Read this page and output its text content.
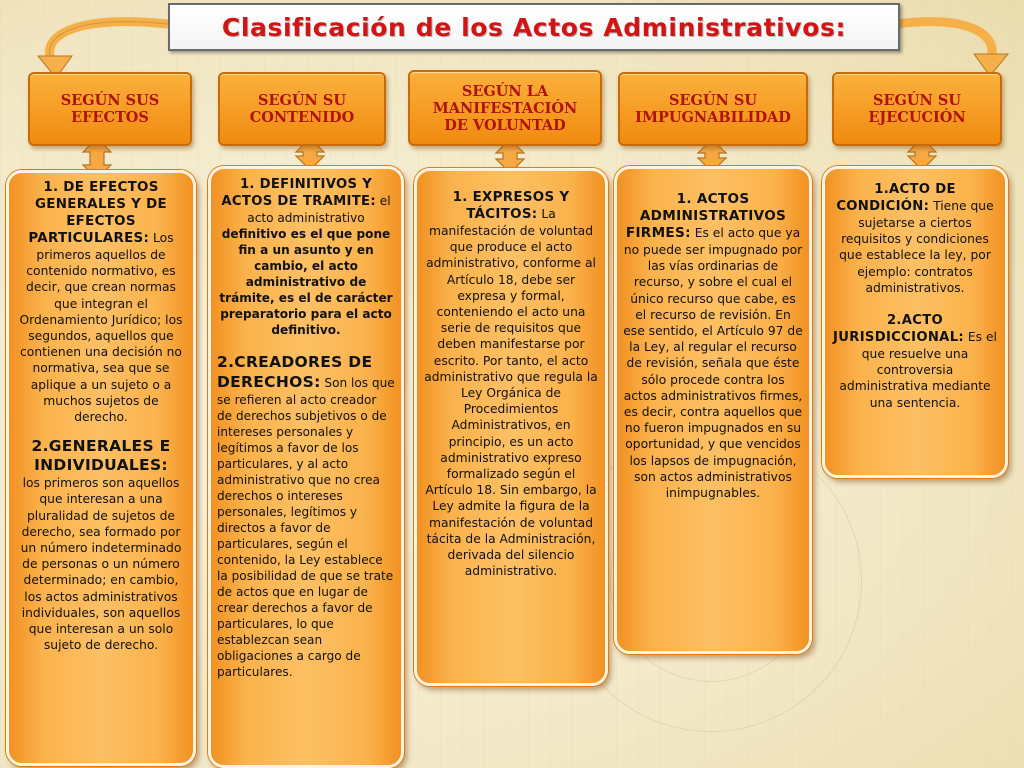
Clasificación de los Actos Administrativos:
SEGÚN SUS
EFECTOS
SEGÚN SU
CONTENIDO
SEGÚN LA
MANIFESTACIÓN
DE VOLUNTAD
SEGÚN SU
IMPUGNABILIDAD
SEGÚN SU
EJECUCIÓN

1. DE EFECTOS GENERALES Y DE EFECTOS PARTICULARES: Los primeros aquellos de contenido normativo, es decir, que crean normas que integran el Ordenamiento Jurídico; los segundos, aquellos que contienen una decisión no normativa, sea que se aplique a un sujeto o a muchos sujetos de derecho.

2.GENERALES E INDIVIDUALES:
los primeros son aquellos que interesan a una pluralidad de sujetos de derecho, sea formado por un número indeterminado de personas o un número determinado; en cambio, los actos administrativos individuales, son aquellos que interesan a un solo sujeto de derecho.

1. DEFINITIVOS Y ACTOS DE TRAMITE: el acto administrativo definitivo es el que pone fin a un asunto y en cambio, el acto administrativo de trámite, es el de carácter preparatorio para el acto definitivo.

2.CREADORES DE DERECHOS: Son los que se refieren al acto creador de derechos subjetivos o de intereses personales y legítimos a favor de los particulares, y al acto administrativo que no crea derechos o intereses personales, legítimos y directos a favor de particulares, según el contenido, la Ley establece la posibilidad de que se trate de actos que en lugar de crear derechos a favor de particulares, lo que establezcan sean obligaciones a cargo de particulares.

1. EXPRESOS Y TÁCITOS: La manifestación de voluntad que produce el acto administrativo, conforme al Artículo 18, debe ser expresa y formal, conteniendo el acto una serie de requisitos que deben manifestarse por escrito. Por tanto, el acto administrativo que regula la Ley Orgánica de Procedimientos Administrativos, en principio, es un acto administrativo expreso formalizado según el Artículo 18. Sin embargo, la Ley admite la figura de la manifestación de voluntad tácita de la Administración, derivada del silencio administrativo.

1. ACTOS ADMINISTRATIVOS FIRMES: Es el acto que ya no puede ser impugnado por las vías ordinarias de recurso, y sobre el cual el único recurso que cabe, es el recurso de revisión. En ese sentido, el Artículo 97 de la Ley, al regular el recurso de revisión, señala que éste sólo procede contra los actos administrativos firmes, es decir, contra aquellos que no fueron impugnados en su oportunidad, y que vencidos los lapsos de impugnación, son actos administrativos inimpugnables.

1.ACTO DE CONDICIÓN: Tiene que sujetarse a ciertos requisitos y condiciones que establece la ley, por ejemplo: contratos administrativos.

2.ACTO JURISDICCIONAL: Es el que resuelve una controversia administrativa mediante una sentencia.
